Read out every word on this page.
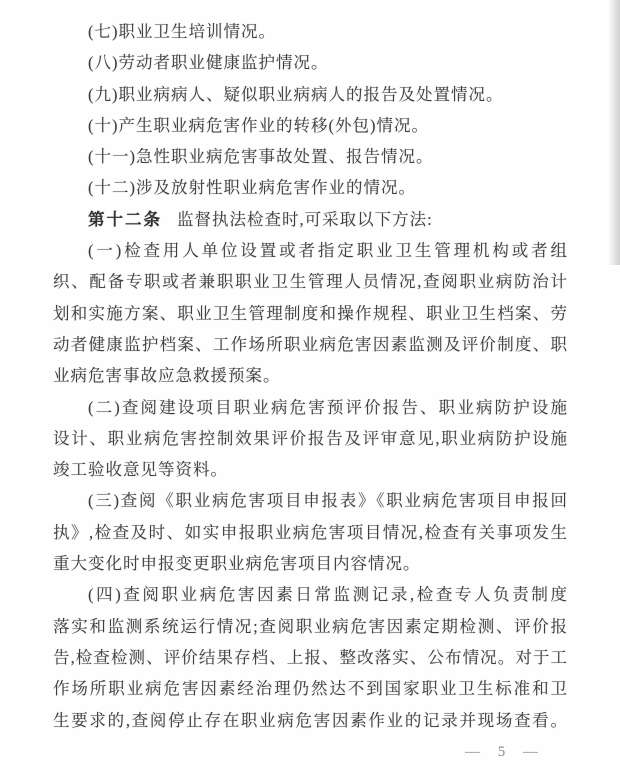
(七)职业卫生培训情况。
(八)劳动者职业健康监护情况。
(九)职业病病人、疑似职业病病人的报告及处置情况。
(十)产生职业病危害作业的转移(外包)情况。
(十一)急性职业病危害事故处置、报告情况。
(十二)涉及放射性职业病危害作业的情况。
第十二条 监督执法检查时,可采取以下方法:
(一)检查用人单位设置或者指定职业卫生管理机构或者组
织、配备专职或者兼职职业卫生管理人员情况,查阅职业病防治计
划和实施方案、职业卫生管理制度和操作规程、职业卫生档案、劳
动者健康监护档案、工作场所职业病危害因素监测及评价制度、职
业病危害事故应急救援预案。
(二)查阅建设项目职业病危害预评价报告、职业病防护设施
设计、职业病危害控制效果评价报告及评审意见,职业病防护设施
竣工验收意见等资料。
(三)查阅《职业病危害项目申报表》《职业病危害项目申报回
执》,检查及时、如实申报职业病危害项目情况,检查有关事项发生
重大变化时申报变更职业病危害项目内容情况。
(四)查阅职业病危害因素日常监测记录,检查专人负责制度
落实和监测系统运行情况;查阅职业病危害因素定期检测、评价报
告,检查检测、评价结果存档、上报、整改落实、公布情况。对于工
作场所职业病危害因素经治理仍然达不到国家职业卫生标准和卫
生要求的,查阅停止存在职业病危害因素作业的记录并现场查看。
— 5 —
